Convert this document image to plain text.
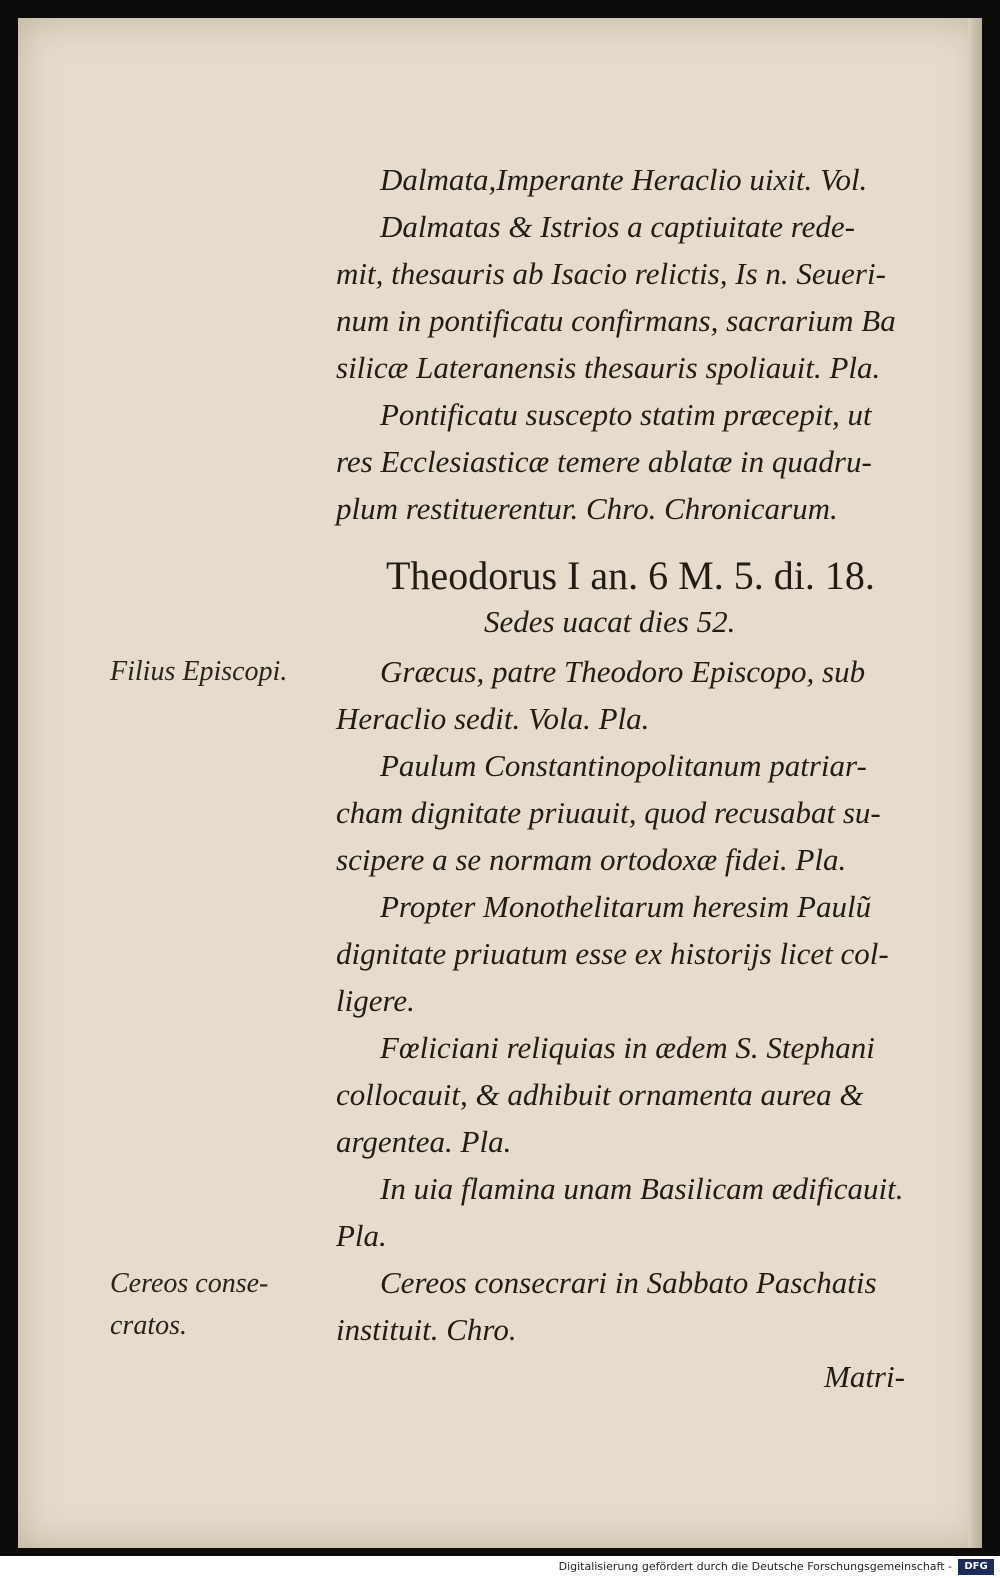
Dalmata,Imperante Heraclio uixit. Vol.
Dalmatas & Istrios a captiuitate rede-
mit, thesauris ab Isacio relictis, Is n. Seueri-
num in pontificatu confirmans, sacrarium Ba
silicæ Lateranensis thesauris spoliauit. Pla.
Pontificatu suscepto statim præcepit, ut
res Ecclesiasticæ temere ablatæ in quadru-
plum restituerentur. Chro. Chronicarum.
Theodorus I an. 6 M. 5. di. 18.
Sedes uacat dies 52.
Filius Episcopi.	Græcus, patre Theodoro Episcopo, sub
Heraclio sedit. Vola. Pla.
Paulum Constantinopolitanum patriar-
cham dignitate priuauit, quod recusabat su-
scipere a se normam ortodoxæ fidei. Pla.
Propter Monothelitarum heresim Paulũ
dignitate priuatum esse ex historijs licet col-
ligere.
Fœliciani reliquias in ædem S. Stephani
collocauit, & adhibuit ornamenta aurea &
argentea. Pla.
In uia flamina unam Basilicam ædificauit.
Pla.
Cereos conse-
cratos.
Cereos consecrari in Sabbato Paschatis
instituit. Chro.
Matri-
Digitalisierung gefördert durch die Deutsche Forschungsgemeinschaft -	DFG
